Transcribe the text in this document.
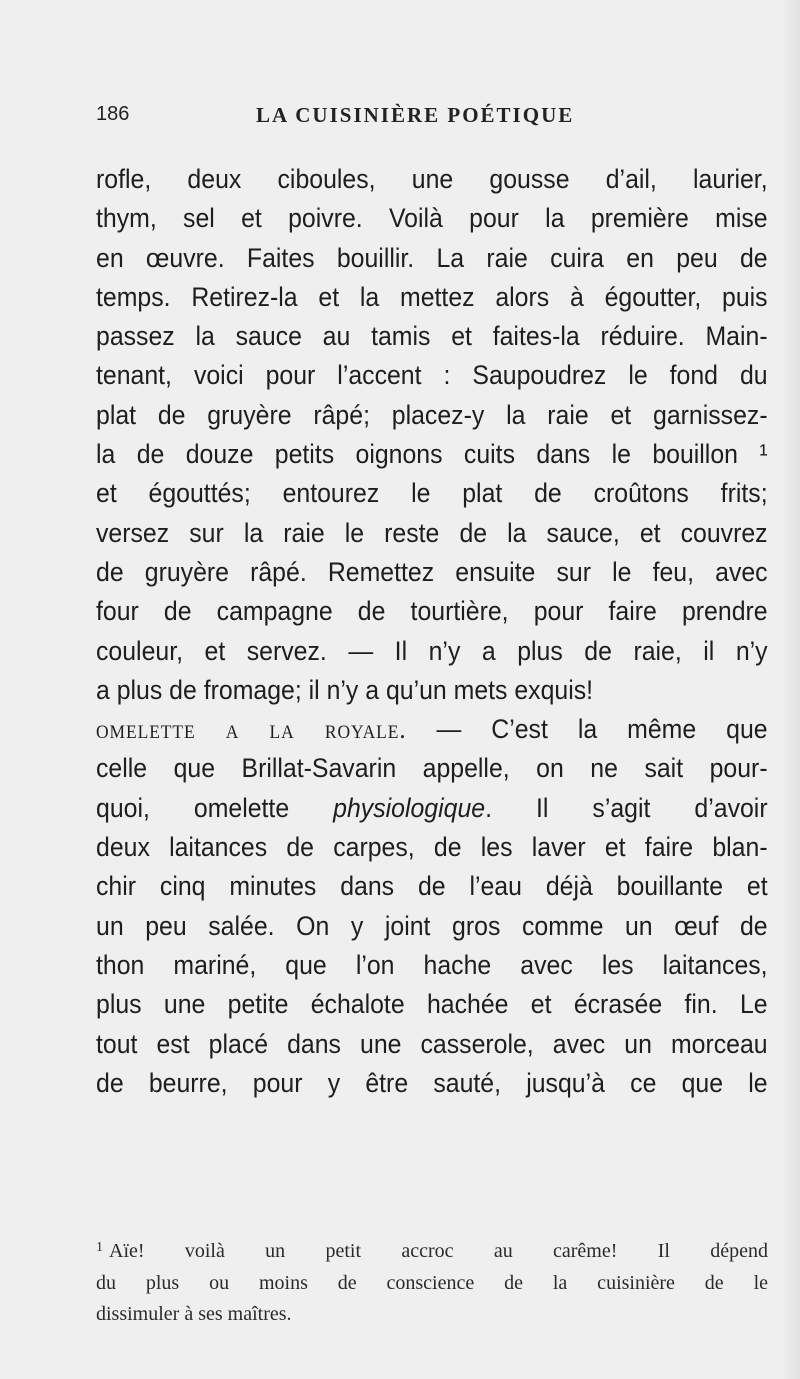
186	LA CUISINIÈRE POÉTIQUE
rofle, deux ciboules, une gousse d’ail, laurier,
thym, sel et poivre. Voilà pour la première mise
en œuvre. Faites bouillir. La raie cuira en peu de
temps. Retirez-la et la mettez alors à égoutter, puis
passez la sauce au tamis et faites-la réduire. Main-
tenant, voici pour l’accent : Saupoudrez le fond du
plat de gruyère râpé; placez-y la raie et garnissez-
la de douze petits oignons cuits dans le bouillon ¹
et égouttés; entourez le plat de croûtons frits;
versez sur la raie le reste de la sauce, et couvrez
de gruyère râpé. Remettez ensuite sur le feu, avec
four de campagne de tourtière, pour faire prendre
couleur, et servez. — Il n’y a plus de raie, il n’y
a plus de fromage; il n’y a qu’un mets exquis!
omelette a la royale. — C’est la même que
celle que Brillat-Savarin appelle, on ne sait pour-
quoi, omelette physiologique. Il s’agit d’avoir
deux laitances de carpes, de les laver et faire blan-
chir cinq minutes dans de l’eau déjà bouillante et
un peu salée. On y joint gros comme un œuf de
thon mariné, que l’on hache avec les laitances,
plus une petite échalote hachée et écrasée fin. Le
tout est placé dans une casserole, avec un morceau
de beurre, pour y être sauté, jusqu’à ce que le
$^1$ Aïe! voilà un petit accroc au carême! Il dépend
du plus ou moins de conscience de la cuisinière de le
dissimuler à ses maîtres.
